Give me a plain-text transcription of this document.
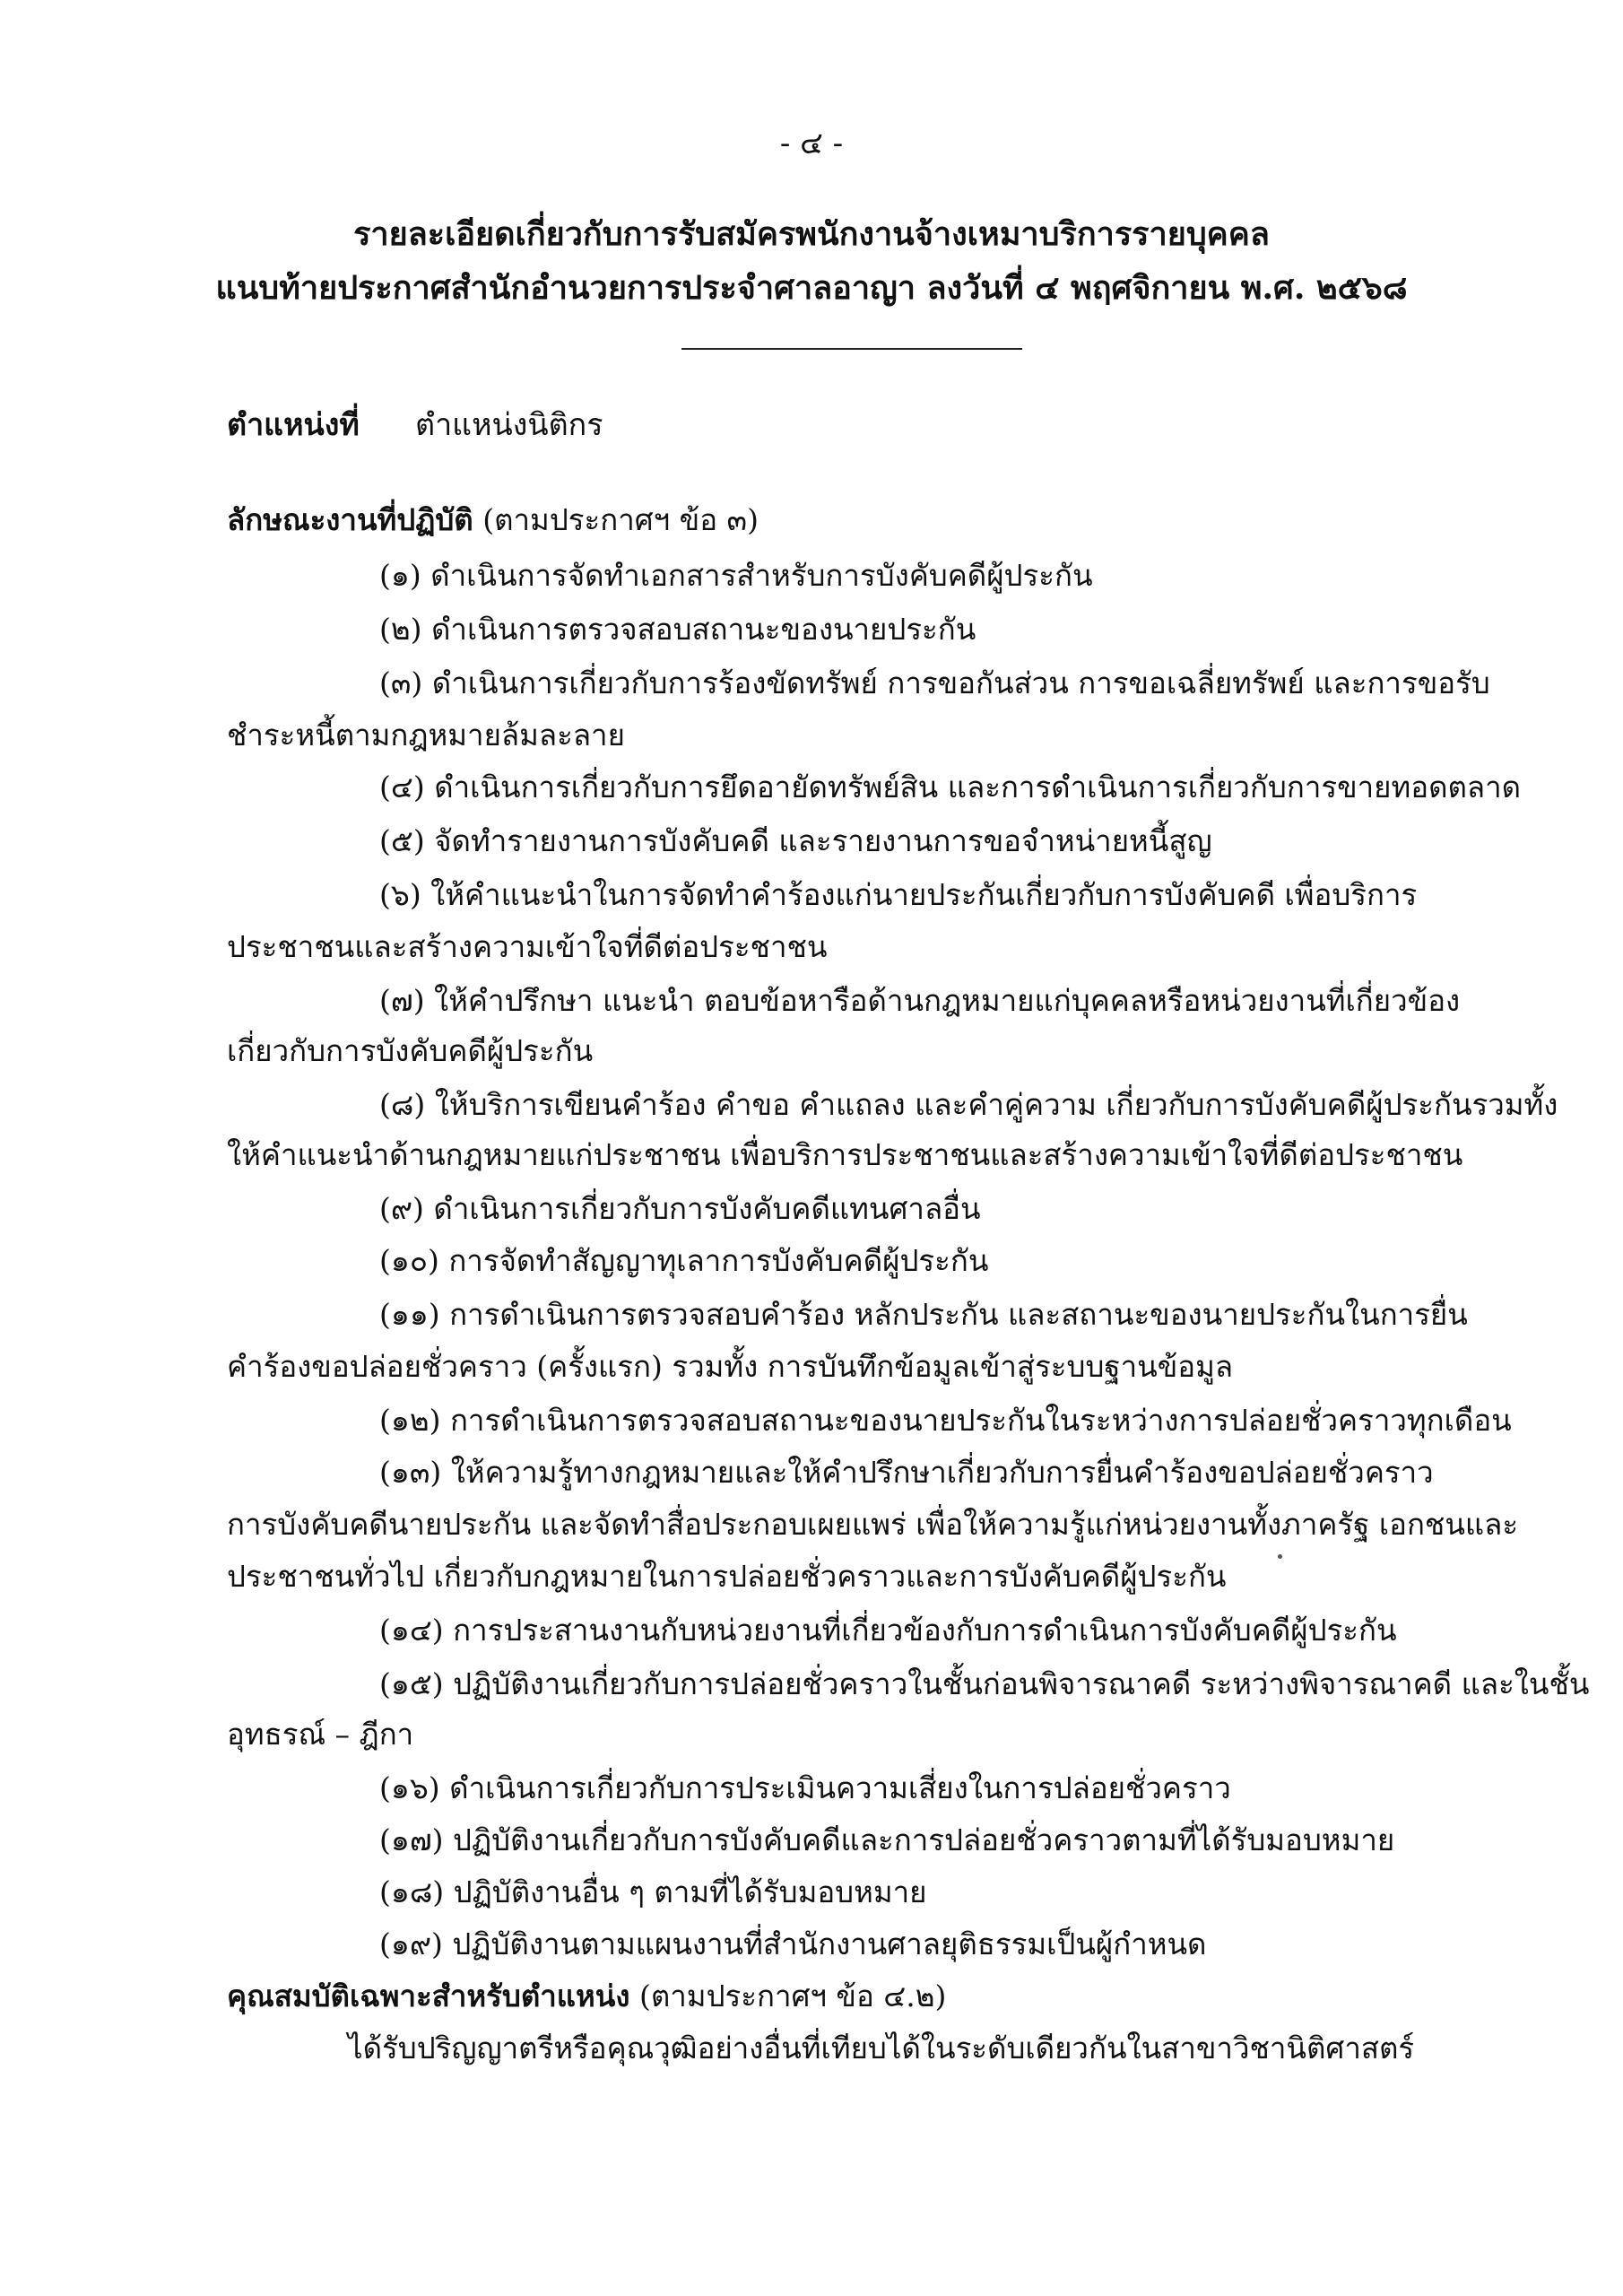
- ๔ -
รายละเอียดเกี่ยวกับการรับสมัครพนักงานจ้างเหมาบริการรายบุคคล
แนบท้ายประกาศสำนักอำนวยการประจำศาลอาญา ลงวันที่ ๔ พฤศจิกายน พ.ศ. ๒๕๖๘
ตำแหน่งที่ ตำแหน่งนิติกร
ลักษณะงานที่ปฏิบัติ (ตามประกาศฯ ข้อ ๓)
(๑) ดำเนินการจัดทำเอกสารสำหรับการบังคับคดีผู้ประกัน
(๒) ดำเนินการตรวจสอบสถานะของนายประกัน
(๓) ดำเนินการเกี่ยวกับการร้องขัดทรัพย์ การขอกันส่วน การขอเฉลี่ยทรัพย์ และการขอรับ
ชำระหนี้ตามกฎหมายล้มละลาย
(๔) ดำเนินการเกี่ยวกับการยึดอายัดทรัพย์สิน และการดำเนินการเกี่ยวกับการขายทอดตลาด
(๕) จัดทำรายงานการบังคับคดี และรายงานการขอจำหน่ายหนี้สูญ
(๖) ให้คำแนะนำในการจัดทำคำร้องแก่นายประกันเกี่ยวกับการบังคับคดี เพื่อบริการ
ประชาชนและสร้างความเข้าใจที่ดีต่อประชาชน
(๗) ให้คำปรึกษา แนะนำ ตอบข้อหารือด้านกฎหมายแก่บุคคลหรือหน่วยงานที่เกี่ยวข้อง
เกี่ยวกับการบังคับคดีผู้ประกัน
(๘) ให้บริการเขียนคำร้อง คำขอ คำแถลง และคำคู่ความ เกี่ยวกับการบังคับคดีผู้ประกันรวมทั้ง
ให้คำแนะนำด้านกฎหมายแก่ประชาชน เพื่อบริการประชาชนและสร้างความเข้าใจที่ดีต่อประชาชน
(๙) ดำเนินการเกี่ยวกับการบังคับคดีแทนศาลอื่น
(๑๐) การจัดทำสัญญาทุเลาการบังคับคดีผู้ประกัน
(๑๑) การดำเนินการตรวจสอบคำร้อง หลักประกัน และสถานะของนายประกันในการยื่น
คำร้องขอปล่อยชั่วคราว (ครั้งแรก) รวมทั้ง การบันทึกข้อมูลเข้าสู่ระบบฐานข้อมูล
(๑๒) การดำเนินการตรวจสอบสถานะของนายประกันในระหว่างการปล่อยชั่วคราวทุกเดือน
(๑๓) ให้ความรู้ทางกฎหมายและให้คำปรึกษาเกี่ยวกับการยื่นคำร้องขอปล่อยชั่วคราว
การบังคับคดีนายประกัน และจัดทำสื่อประกอบเผยแพร่ เพื่อให้ความรู้แก่หน่วยงานทั้งภาครัฐ เอกชนและ
ประชาชนทั่วไป เกี่ยวกับกฎหมายในการปล่อยชั่วคราวและการบังคับคดีผู้ประกัน
(๑๔) การประสานงานกับหน่วยงานที่เกี่ยวข้องกับการดำเนินการบังคับคดีผู้ประกัน
(๑๕) ปฏิบัติงานเกี่ยวกับการปล่อยชั่วคราวในชั้นก่อนพิจารณาคดี ระหว่างพิจารณาคดี และในชั้น
อุทธรณ์ – ฎีกา
(๑๖) ดำเนินการเกี่ยวกับการประเมินความเสี่ยงในการปล่อยชั่วคราว
(๑๗) ปฏิบัติงานเกี่ยวกับการบังคับคดีและการปล่อยชั่วคราวตามที่ได้รับมอบหมาย
(๑๘) ปฏิบัติงานอื่น ๆ ตามที่ได้รับมอบหมาย
(๑๙) ปฏิบัติงานตามแผนงานที่สำนักงานศาลยุติธรรมเป็นผู้กำหนด
คุณสมบัติเฉพาะสำหรับตำแหน่ง (ตามประกาศฯ ข้อ ๔.๒)
ได้รับปริญญาตรีหรือคุณวุฒิอย่างอื่นที่เทียบได้ในระดับเดียวกันในสาขาวิชานิติศาสตร์
